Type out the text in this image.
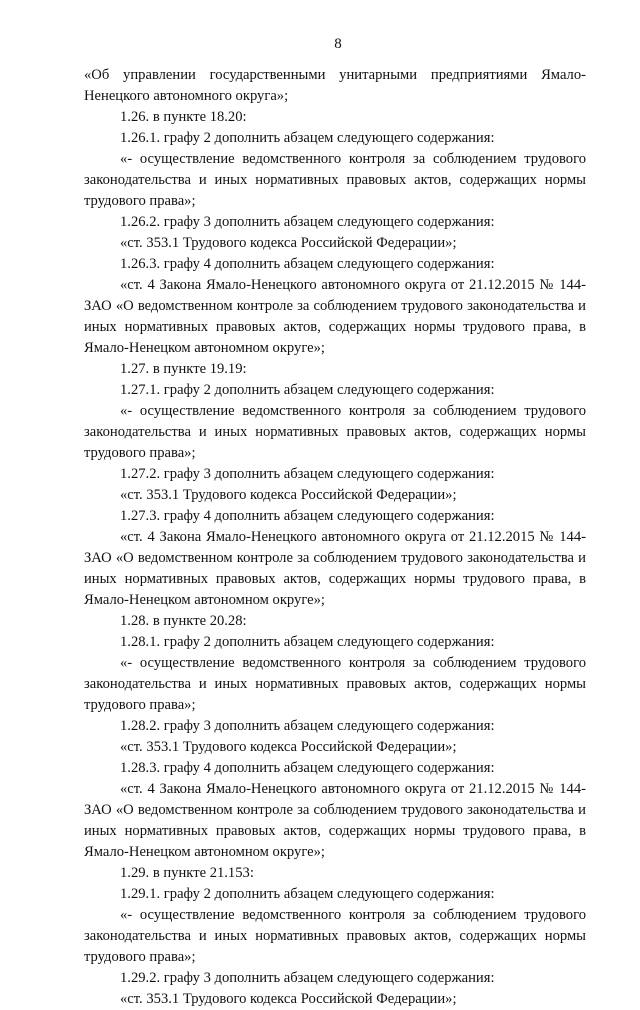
8

«Об управлении государственными унитарными предприятиями Ямало-Ненецкого автономного округа»;

1.26. в пункте 18.20:

1.26.1. графу 2 дополнить абзацем следующего содержания:

«- осуществление ведомственного контроля за соблюдением трудового законодательства и иных нормативных правовых актов, содержащих нормы трудового права»;

1.26.2. графу 3 дополнить абзацем следующего содержания:

«ст. 353.1 Трудового кодекса Российской Федерации»;

1.26.3. графу 4 дополнить абзацем следующего содержания:

«ст. 4 Закона Ямало-Ненецкого автономного округа от 21.12.2015 № 144-ЗАО «О ведомственном контроле за соблюдением трудового законодательства и иных нормативных правовых актов, содержащих нормы трудового права, в Ямало-Ненецком автономном округе»;

1.27. в пункте 19.19:

1.27.1. графу 2 дополнить абзацем следующего содержания:

«- осуществление ведомственного контроля за соблюдением трудового законодательства и иных нормативных правовых актов, содержащих нормы трудового права»;

1.27.2. графу 3 дополнить абзацем следующего содержания:

«ст. 353.1 Трудового кодекса Российской Федерации»;

1.27.3. графу 4 дополнить абзацем следующего содержания:

«ст. 4 Закона Ямало-Ненецкого автономного округа от 21.12.2015 № 144-ЗАО «О ведомственном контроле за соблюдением трудового законодательства и иных нормативных правовых актов, содержащих нормы трудового права, в Ямало-Ненецком автономном округе»;

1.28. в пункте 20.28:

1.28.1. графу 2 дополнить абзацем следующего содержания:

«- осуществление ведомственного контроля за соблюдением трудового законодательства и иных нормативных правовых актов, содержащих нормы трудового права»;

1.28.2. графу 3 дополнить абзацем следующего содержания:

«ст. 353.1 Трудового кодекса Российской Федерации»;

1.28.3. графу 4 дополнить абзацем следующего содержания:

«ст. 4 Закона Ямало-Ненецкого автономного округа от 21.12.2015 № 144-ЗАО «О ведомственном контроле за соблюдением трудового законодательства и иных нормативных правовых актов, содержащих нормы трудового права, в Ямало-Ненецком автономном округе»;

1.29. в пункте 21.153:

1.29.1. графу 2 дополнить абзацем следующего содержания:

«- осуществление ведомственного контроля за соблюдением трудового законодательства и иных нормативных правовых актов, содержащих нормы трудового права»;

1.29.2. графу 3 дополнить абзацем следующего содержания:

«ст. 353.1 Трудового кодекса Российской Федерации»;
